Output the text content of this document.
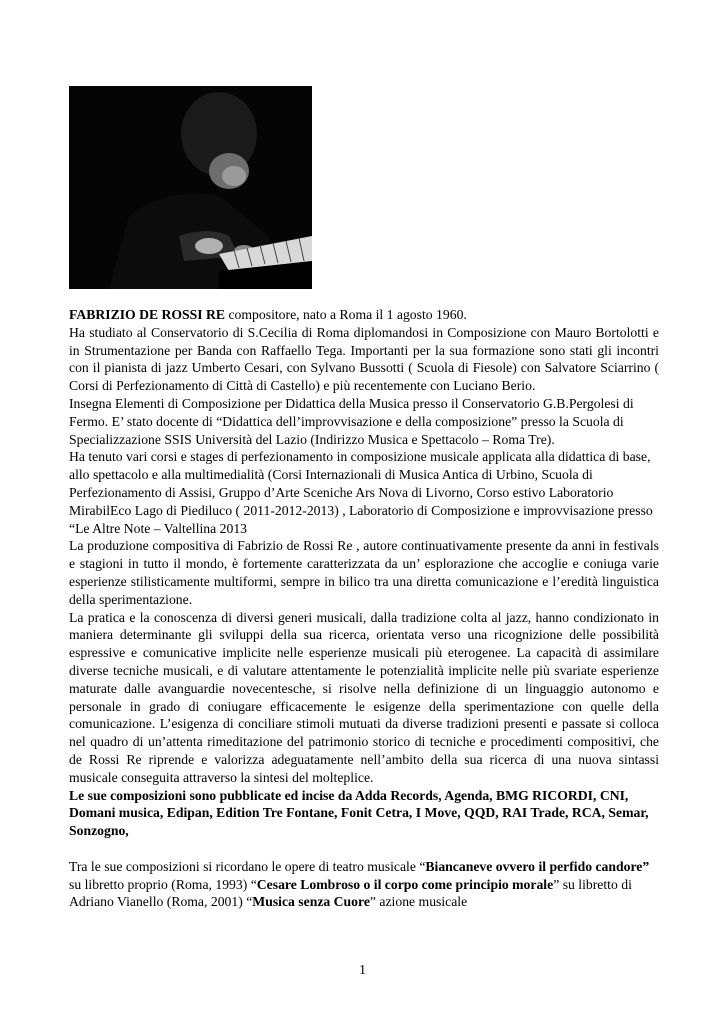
FABRIZIO DE ROSSI RE compositore, nato a Roma il 1 agosto 1960.

Ha studiato al Conservatorio di S.Cecilia di Roma diplomandosi in Composizione con Mauro Bortolotti e in Strumentazione per Banda con Raffaello Tega. Importanti per la sua formazione sono stati gli incontri con il pianista di jazz Umberto Cesari, con Sylvano Bussotti ( Scuola di Fiesole) con Salvatore Sciarrino ( Corsi di Perfezionamento di Città di Castello) e più recentemente con Luciano Berio.

Insegna Elementi di Composizione per Didattica della Musica presso il Conservatorio G.B.Pergolesi di Fermo. E’ stato docente di “Didattica dell’improvvisazione e della composizione” presso la Scuola di Specializzazione SSIS Università del Lazio (Indirizzo Musica e Spettacolo – Roma Tre).

Ha tenuto vari corsi e stages di perfezionamento in composizione musicale applicata alla didattica di base, allo spettacolo e alla multimedialità (Corsi Internazionali di Musica Antica di Urbino, Scuola di Perfezionamento di Assisi, Gruppo d’Arte Sceniche Ars Nova di Livorno, Corso estivo Laboratorio MirabilEco Lago di Piediluco ( 2011-2012-2013) , Laboratorio di Composizione e improvvisazione presso “Le Altre Note – Valtellina 2013

La produzione compositiva di Fabrizio de Rossi Re , autore continuativamente presente da anni in festivals e stagioni in tutto il mondo, è fortemente caratterizzata da un’ esplorazione che accoglie e coniuga varie esperienze stilisticamente multiformi, sempre in bilico tra una diretta comunicazione e l’eredità linguistica della sperimentazione.

La pratica e la conoscenza di diversi generi musicali, dalla tradizione colta al jazz, hanno condizionato in maniera determinante gli sviluppi della sua ricerca, orientata verso una ricognizione delle possibilità espressive e comunicative implicite nelle esperienze musicali più eterogenee. La capacità di assimilare diverse tecniche musicali, e di valutare attentamente le potenzialità implicite nelle più svariate esperienze maturate dalle avanguardie novecentesche, si risolve nella definizione di un linguaggio autonomo e personale in grado di coniugare efficacemente le esigenze della sperimentazione con quelle della comunicazione. L’esigenza di conciliare stimoli mutuati da diverse tradizioni presenti e passate si colloca nel quadro di un’attenta rimeditazione del patrimonio storico di tecniche e procedimenti compositivi, che de Rossi Re riprende e valorizza adeguatamente nell’ambito della sua ricerca di una nuova sintassi musicale conseguita attraverso la sintesi del molteplice.

Le sue composizioni sono pubblicate ed incise da Adda Records, Agenda, BMG RICORDI, CNI, Domani musica, Edipan, Edition Tre Fontane, Fonit Cetra, I Move, QQD, RAI Trade, RCA, Semar, Sonzogno,

Tra le sue composizioni si ricordano le opere di teatro musicale “Biancaneve ovvero il perfido candore” su libretto proprio (Roma, 1993) “Cesare Lombroso o il corpo come principio morale” su libretto di Adriano Vianello (Roma, 2001) “Musica senza Cuore” azione musicale

1
